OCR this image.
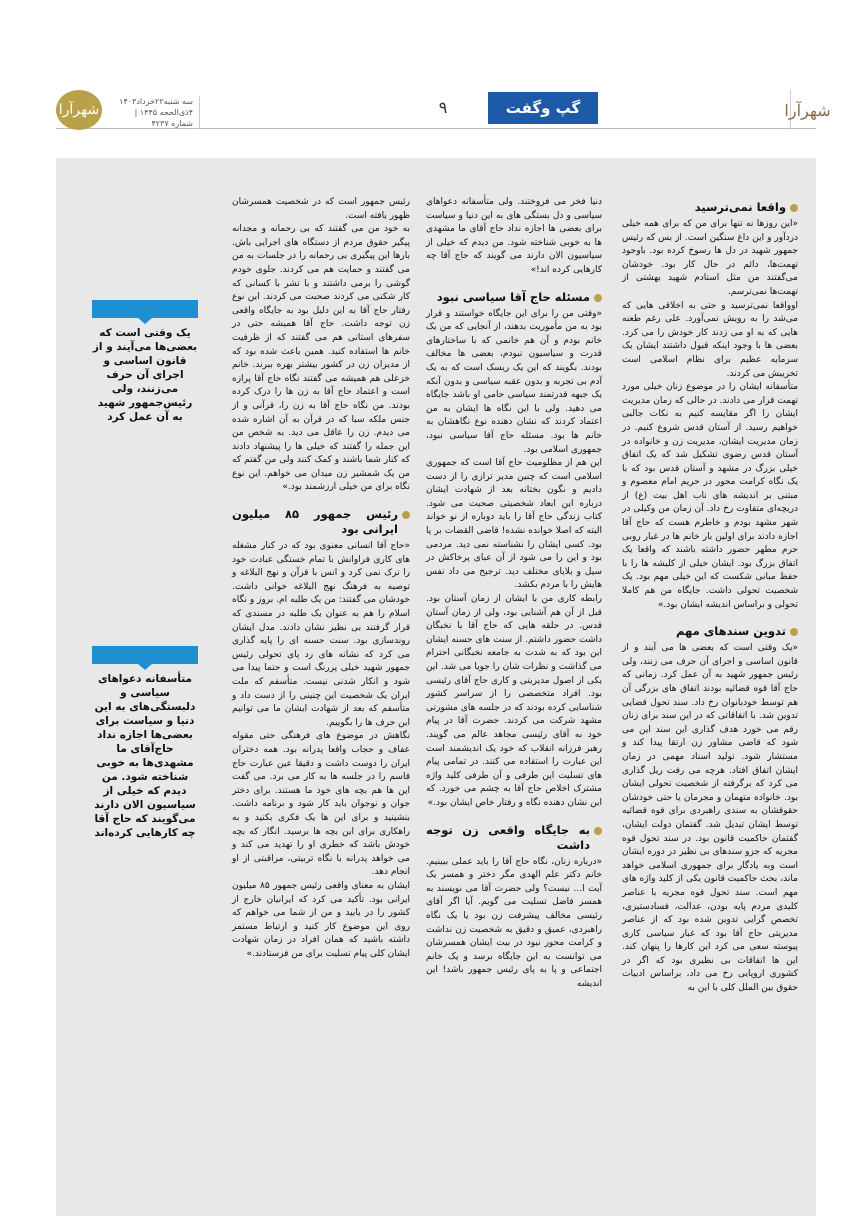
شهرآرا
سه شنبه۲۲خرداد۱۴۰۳
۴ذی‌الحجه ۱۴۴۵ | شماره ۴۲۳۷
۹	گپ وگفت	شهرآرا
یک وقتی است که بعضی‌ها می‌آیند و از قانون اساسی و اجرای آن حرف می‌زنند، ولی رئیس‌جمهور شهید به آن عمل کرد
متأسفانه دعواهای سیاسی و دلبستگی‌های به این دنیا و سیاست برای بعضی‌ها اجازه نداد حاج‌آقای ما مشهدی‌ها به خوبی شناخته شود. من دیدم که خیلی از سیاسیون الان دارند می‌گویند که حاج آقا چه کارهایی کرده‌اند
واقعا نمی‌ترسید

«این روزها نه تنها برای من که برای همه خیلی دردآور و این داغ سنگین است. از بس که رئیس جمهور شهید در دل ها رسوخ کرده بود. باوجود تهمت‌ها، دائم در حال کار بود. خودشان می‌گفتند من مثل استادم شهید بهشتی از تهمت‌ها نمی‌ترسم.

اوواقعا نمی‌ترسید و حتی به اخلاقی هایی که می‌شد را به رویش نمی‌آورد. علی رغم طعنه هایی که به او می زدند کار خودش را می کرد. بعضی ها با وجود اینکه قبول داشتند ایشان یک سرمایه عظیم برای نظام اسلامی است تخریبش می کردند.

متأسفانه ایشان را در موضوع زنان خیلی مورد تهمت قرار می دادند. در حالی که زمان مدیریت ایشان را اگر مقایسه کنیم به نکات جالبی خواهیم رسید. از آستان قدس شروع کنیم. در زمان مدیریت ایشان، مدیریت زن و خانواده در آستان قدس رضوی تشکیل شد که یک اتفاق خیلی بزرگ در مشهد و آستان قدس بود که با یک نگاه کرامت محور در حریم امام معصوم و مبتنی بر اندیشه های ناب اهل بیت (ع) از دریچه‌ای متفاوت رخ داد. آن زمان من وکیلی در شهر مشهد بودم و خاطرم هست که حاج آقا اجازه دادند برای اولین بار خانم ها در غبار روبی حرم مطهر حضور داشته باشند که واقعا یک اتفاق بزرگ بود. ایشان خیلی از کلیشه ها را با حفظ مبانی شکست که این خیلی مهم بود. یک شخصیت تحولی داشت. جایگاه من هم کاملا تحولی و براساس اندیشه ایشان بود.»

تدوین سندهای مهم

«یک وقتی است که بعضی ها می آیند و از قانون اساسی و اجرای آن حرف می زنند، ولی رئیس جمهور شهید به آن عمل کرد. زمانی که حاج آقا قوه قضائیه بودند اتفاق های بزرگی آن هم توسط خودبانوان رخ داد. سند تحول قضایی تدوین شد. با اتفاقاتی که در این سند برای زنان رقم می خورد هدف گذاری این سند این می شود که قاضی مشاور زن ارتقا پیدا کند و مستشار شود. تولید اسناد مهمی در زمان ایشان اتفاق افتاد. هرچه می رفت ریل گذاری می کرد که برگرفته از شخصیت تحولی ایشان بود. خانواده متهمان و مجرمان یا حتی خودشان حقوقشان به سندی راهبردی برای قوه قضائیه توسط ایشان تبدیل شد. گفتمان دولت ایشان، گفتمان حاکمیت قانون بود. در سند تحول قوه مجریه که جزو سندهای بی نظیر در دوره ایشان است وبه یادگار برای جمهوری اسلامی خواهد ماند، بحث حاکمیت قانون یکی از کلید واژه های مهم است. سند تحول قوه مجریه با عناصر کلیدی مردم پایه بودن، عدالت، فسادستیزی، تخصص گرایی تدوین شده بود که از عناصر مدیریتی حاج آقا بود که غبار سیاسی کاری پیوسته سعی می کرد این کارها را پنهان کند. این ها اتفاقات بی نظیری بود که اگر در کشوری اروپایی رخ می داد، براساس ادبیات حقوق بین الملل کلی با این به

دنیا فخر می فروختند. ولی متأسفانه دعواهای سیاسی و دل بستگی های به این دنیا و سیاست برای بعضی ها اجازه نداد حاج آقای ما مشهدی ها به خوبی شناخته شود. من دیدم که خیلی از سیاسیون الان دارند می گویند که حاج آقا چه کارهایی کرده اند!»

مسئله حاج آقا سیاسی نبود

«وقتی من را برای این جایگاه خواستند و قرار بود به من مأموریت بدهند، از آنجایی که من یک خانم بودم و آن هم خانمی که با ساختارهای قدرت و سیاسیون نبودم، بعضی ها مخالف بودند. بگویند که این یک ریسک است که به یک آدم بی تجربه و بدون عقبه سیاسی و بدون آنکه یک جبهه قدرتمند سیاسی حامی او باشد جایگاه می دهید. ولی با این نگاه ها ایشان به من اعتماد کردند که نشان دهنده نوع نگاهشان به خانم ها بود. مسئله حاج آقا سیاسی نبود، جمهوری اسلامی بود.

این هم از مظلومیت حاج آقا است که جمهوری اسلامی است که چنین مدیر ترازی را از دست دادیم و نگون بختانه بعد از شهادت ایشان درباره این ابعاد شخصیتی صحبت می شود. کتاب زندگی حاج آقا را باید دوباره از نو خواند البته که اصلا خوانده نشده! قاضی القضات بر پا بود. کسی ایشان را نشناسته نمی دید. مردمی بود و این را می شود از آن عبای پرخاکش در سیل و بلایای مختلف دید. ترجیح می داد نفس هایش را با مردم بکشد.

رابطه کاری من با ایشان از زمان آستان بود. قبل از آن هم آشنایی بود، ولی از زمان آستان قدس. در حلقه هایی که حاج آقا با نخبگان داشت حضور داشتم. از سنت های حسنه ایشان این بود که به شدت به جامعه نخبگانی احترام می گذاشت و نظرات شان را جویا می شد. این یکی از اصول مدیریتی و کاری حاج آقای رئیسی بود. افراد متخصصی را از سراسر کشور شناسایی کرده بودند که در جلسه های مشورتی مشهد شرکت می کردند. حضرت آقا در پیام خود به آقای رئیسی مجاهد عالم می گویند. رهبر فرزانه انقلاب که خود یک اندیشمند است این عبارت را استفاده می کنند. در تمامی پیام های تسلیت این طرفی و آن طرفی کلید واژه مشترک اخلاص حاج آقا به چشم می خورد. که این نشان دهنده نگاه و رفتار خاص ایشان بود.»

به جایگاه واقعی زن توجه داشت

«درباره زنان، نگاه حاج آقا را باید عملی ببینیم. خانم دکتر علم الهدی مگر دختر و همسر یک آیت ا... نیست؟ ولی حضرت آقا می نویسند به همسر فاضل تسلیت می گویم. آیا اگر آقای رئیسی مخالف پیشرفت زن بود یا یک نگاه راهبردی، عمیق و دقیق به شخصیت زن نداشت و کرامت محور نبود در بیت ایشان همسرشان می توانست به این جایگاه برسد و یک خانم اجتماعی و پا به پای رئیس جمهور باشد! این اندیشه

رئیس جمهور است که در شخصیت همسرشان ظهور یافته است.

به خود من می گفتند که بی رحمانه و مجدانه پیگیر حقوق مردم از دستگاه های اجرایی باش. بارها این پیگیری بی رحمانه را در جلسات به من می گفتند و حمایت هم می کردند. جلوی خودم گوشی را برمی داشتند و با تشر با کسانی که کار شکنی می کردند صحبت می کردند. این نوع رفتار حاج آقا به این دلیل بود به جایگاه واقعی زن توجه داشت. حاج آقا همیشه حتی در سفرهای استانی هم می گفتند که از ظرفیت خانم ها استفاده کنید. همین باعث شده بود که از مدیران زن در کشور بیشتر بهره ببرند. خانم خزعلی هم همیشه می گفتند نگاه حاج آقا پرازه است و اعتماد حاج آقا به زن ها را درک کرده بودند. من نگاه حاج آقا به زن را، قرآنی و از جنس ملکه سبا که در قرآن به آن اشاره شده می دیدم. زن را عاقل می دید. به شخص من این جمله را گفتند که خیلی ها را پیشنهاد دادند که کنار شما باشند و کمک کنند ولی من گفتم که من یک شمشیر زن میدان می خواهم. این نوع نگاه برای من خیلی ارزشمند بود.»

رئیس جمهور ۸۵ میلیون ایرانی بود

«حاج آقا انسانی معنوی بود که در کنار مشغله های کاری فراوانش با تمام خستگی عبادت خود را ترک نمی کرد و انس با قرآن و نهج البلاغه و توصیه به فرهنگ نهج البلاغه خوانی داشت. خودشان می گفتند: من یک طلبه ام. بروز و نگاه اسلام را هم به عنوان یک طلبه در مسندی که قرار گرفتند بی نظیر نشان دادند. مدل ایشان روندسازی بود. سنت حسنه ای را پایه گذاری می کرد که نشانه های رد پای تحولی رئیس جمهور شهید خیلی پررنگ است و حتما پیدا می شود و انکار شدنی نیست. متأسفم که ملت ایران یک شخصیت این چنینی را از دست داد و متأسفم که بعد از شهادت ایشان ما می توانیم این حرف ها را بگوییم.

نگاهش در موضوع های فرهنگی حتی مقوله عفاف و حجاب واقعا پدرانه بود. همه دختران ایران را دوست داشت و دقیقا عین عبارت حاج قاسم را در جلسه ها به کار می برد. می گفت این ها هم بچه های خود ما هستند. برای دختر جوان و نوجوان باید کار شود و برنامه داشت. بنشینید و برای این ها یک فکری بکنید و به راهکاری برای این بچه ها برسید. انگار که بچه خودش باشد که خطری او را تهدید می کند و می خواهد پدرانه با نگاه تربیتی، مراقبتی از او انجام دهد.

ایشان به معنای واقعی رئیس جمهور ۸۵ میلیون ایرانی بود. تأکید می کرد که ایرانیان خارج از کشور را در یابید و من از شما می خواهم که روی این موضوع کار کنید و ارتباط مستمر داشته باشید که همان افراد در زمان شهادت ایشان کلی پیام تسلیت برای من فرستادند.»
